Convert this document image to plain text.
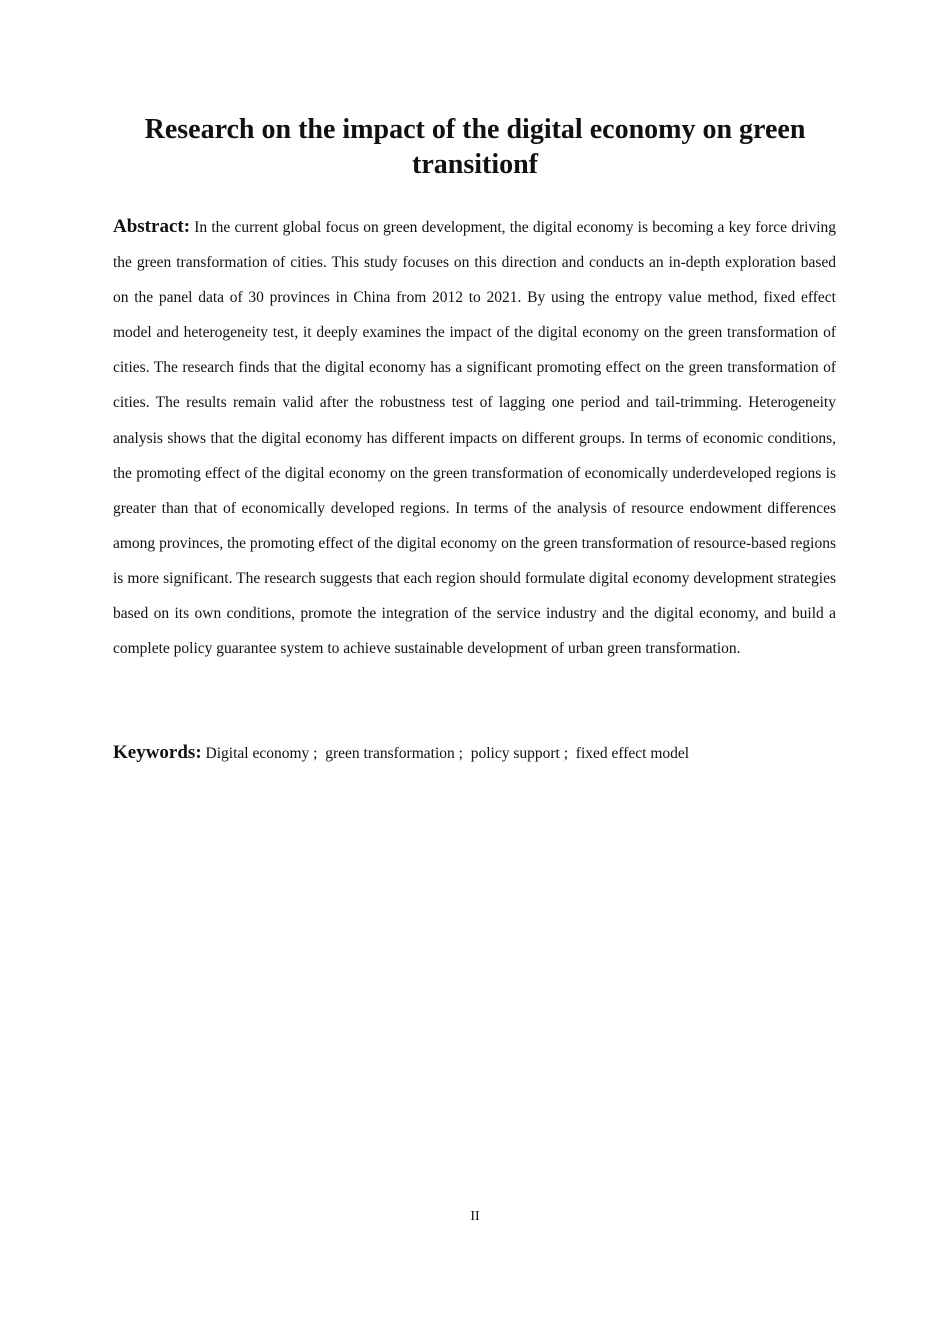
Research on the impact of the digital economy on green transitionf

Abstract: In the current global focus on green development, the digital economy is becoming a key force driving the green transformation of cities. This study focuses on this direction and conducts an in-depth exploration based on the panel data of 30 provinces in China from 2012 to 2021. By using the entropy value method, fixed effect model and heterogeneity test, it deeply examines the impact of the digital economy on the green transformation of cities. The research finds that the digital economy has a significant promoting effect on the green transformation of cities. The results remain valid after the robustness test of lagging one period and tail-trimming. Heterogeneity analysis shows that the digital economy has different impacts on different groups. In terms of economic conditions, the promoting effect of the digital economy on the green transformation of economically underdeveloped regions is greater than that of economically developed regions. In terms of the analysis of resource endowment differences among provinces, the promoting effect of the digital economy on the green transformation of resource-based regions is more significant. The research suggests that each region should formulate digital economy development strategies based on its own conditions, promote the integration of the service industry and the digital economy, and build a complete policy guarantee system to achieve sustainable development of urban green transformation.

Keywords: Digital economy ;  green transformation ;  policy support ;  fixed effect model

II
